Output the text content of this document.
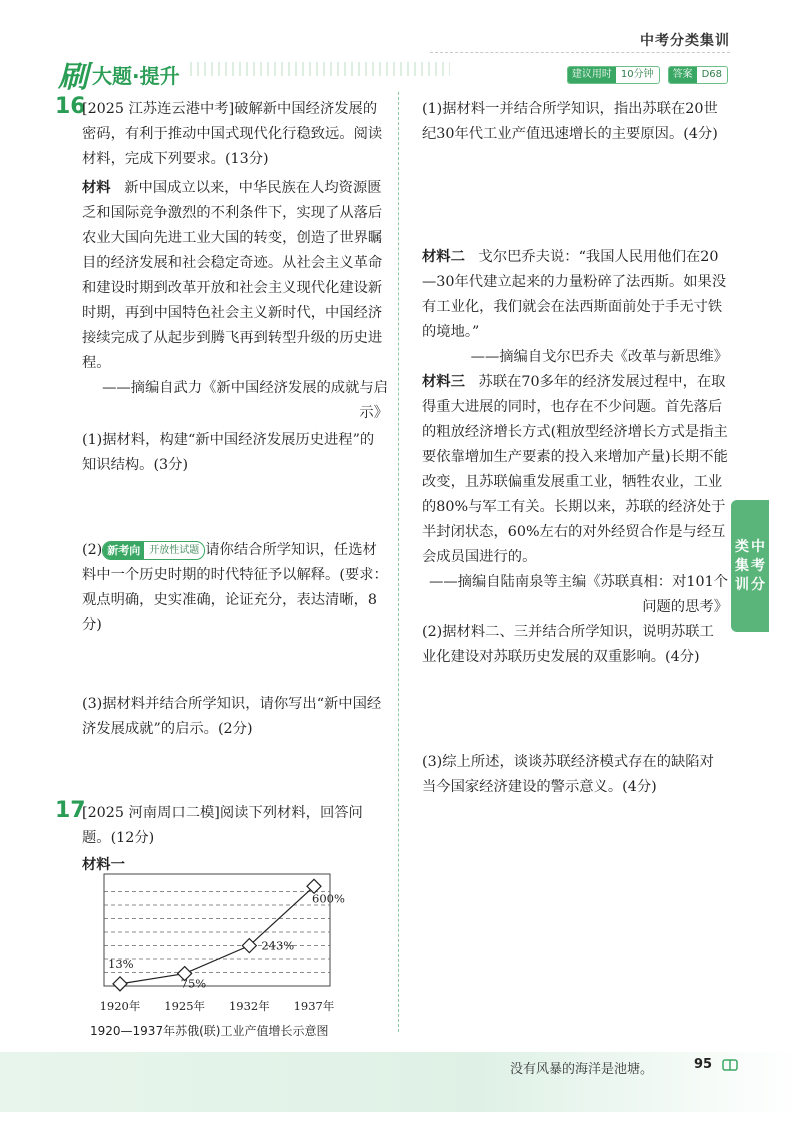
中考分类集训
刷 大题·提升	建议用时 10分钟	答案 D68
16

[2025 江苏连云港中考]破解新中国经济发展的密码，有利于推动中国式现代化行稳致远。阅读材料，完成下列要求。(13分)

材料 新中国成立以来，中华民族在人均资源匮乏和国际竞争激烈的不利条件下，实现了从落后农业大国向先进工业大国的转变，创造了世界瞩目的经济发展和社会稳定奇迹。从社会主义革命和建设时期到改革开放和社会主义现代化建设新时期，再到中国特色社会主义新时代，中国经济接续完成了从起步到腾飞再到转型升级的历史进程。

——摘编自武力《新中国经济发展的成就与启示》

(1)据材料，构建“新中国经济发展历史进程”的知识结构。(3分)

(2) 新考向 开放性试题 请你结合所学知识，任选材料中一个历史时期的时代特征予以解释。(要求：观点明确，史实准确，论证充分，表达清晰，8分)

(3)据材料并结合所学知识，请你写出“新中国经济发展成就”的启示。(2分)

17

[2025 河南周口二模]阅读下列材料，回答问题。(12分)

材料一

13%
75%
243%
600%
1920年 1925年 1932年 1937年
1920—1937年苏俄(联)工业产值增长示意图

(1)据材料一并结合所学知识，指出苏联在20世纪30年代工业产值迅速增长的主要原因。(4分)

材料二 戈尔巴乔夫说：“我国人民用他们在20—30年代建立起来的力量粉碎了法西斯。如果没有工业化，我们就会在法西斯面前处于手无寸铁的境地。”

——摘编自戈尔巴乔夫《改革与新思维》

材料三 苏联在70多年的经济发展过程中，在取得重大进展的同时，也存在不少问题。首先落后的粗放经济增长方式(粗放型经济增长方式是指主要依靠增加生产要素的投入来增加产量)长期不能改变，且苏联偏重发展重工业，牺牲农业，工业的80%与军工有关。长期以来，苏联的经济处于半封闭状态，60%左右的对外经贸合作是与经互会成员国进行的。

——摘编自陆南泉等主编《苏联真相：对101个问题的思考》

(2)据材料二、三并结合所学知识，说明苏联工业化建设对苏联历史发展的双重影响。(4分)

(3)综上所述，谈谈苏联经济模式存在的缺陷对当今国家经济建设的警示意义。(4分)

中
考
分
类
集
训
没有风暴的海洋是池塘。	95
